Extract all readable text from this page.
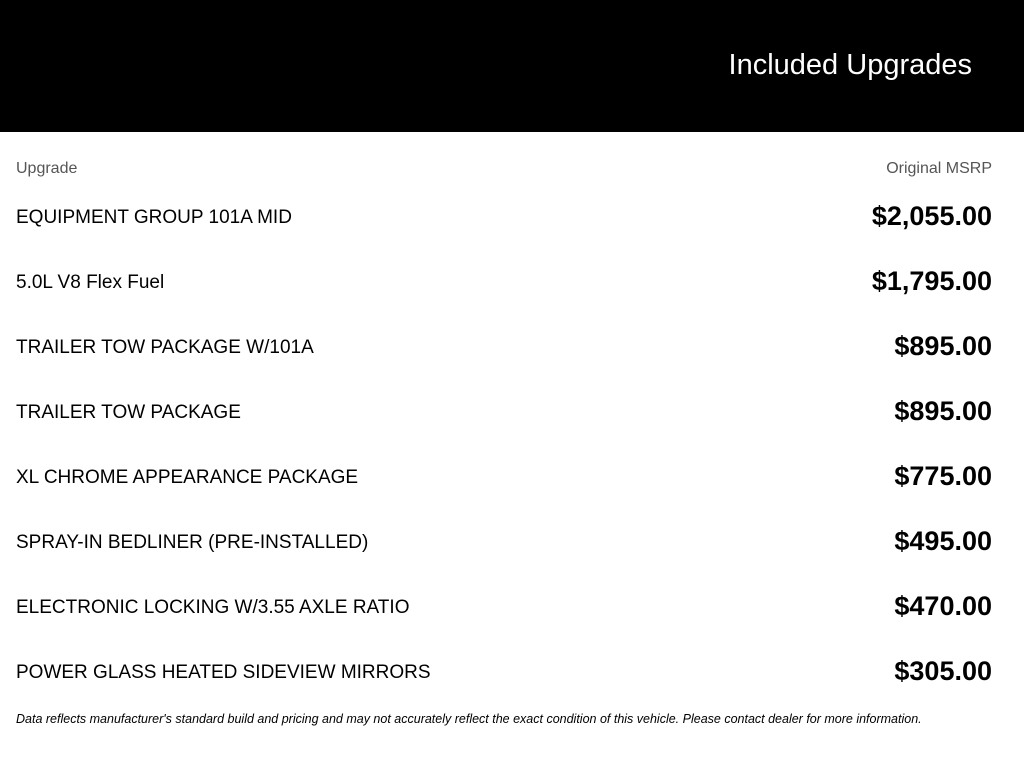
Included Upgrades
Upgrade	Original MSRP
EQUIPMENT GROUP 101A MID	$2,055.00
5.0L V8 Flex Fuel	$1,795.00
TRAILER TOW PACKAGE W/101A	$895.00
TRAILER TOW PACKAGE	$895.00
XL CHROME APPEARANCE PACKAGE	$775.00
SPRAY-IN BEDLINER (PRE-INSTALLED)	$495.00
ELECTRONIC LOCKING W/3.55 AXLE RATIO	$470.00
POWER GLASS HEATED SIDEVIEW MIRRORS	$305.00
Data reflects manufacturer's standard build and pricing and may not accurately reflect the exact condition of this vehicle. Please contact dealer for more information.
